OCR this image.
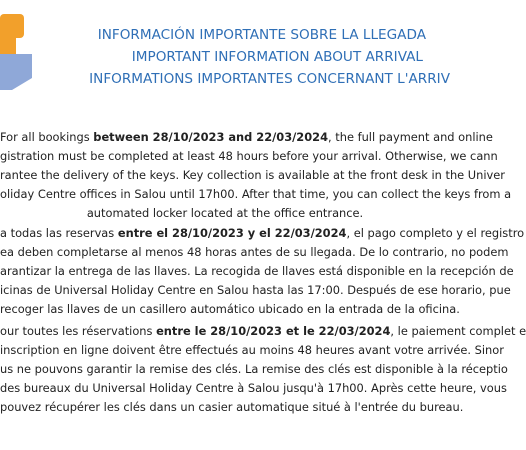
INFORMACIÓN IMPORTANTE SOBRE LA LLEGADA
IMPORTANT INFORMATION ABOUT ARRIVAL
INFORMATIONS IMPORTANTES CONCERNANT L'ARRIV
For all bookings between 28/10/2023 and 22/03/2024, the full payment and online
gistration must be completed at least 48 hours before your arrival. Otherwise, we cann
rantee the delivery of the keys. Key collection is available at the front desk in the Univer
oliday Centre offices in Salou until 17h00. After that time, you can collect the keys from a
automated locker located at the office entrance.
a todas las reservas entre el 28/10/2023 y el 22/03/2024, el pago completo y el registro
ea deben completarse al menos 48 horas antes de su llegada. De lo contrario, no podem
arantizar la entrega de las llaves. La recogida de llaves está disponible en la recepción de
icinas de Universal Holiday Centre en Salou hasta las 17:00. Después de ese horario, pue
recoger las llaves de un casillero automático ubicado en la entrada de la oficina.
our toutes les réservations entre le 28/10/2023 et le 22/03/2024, le paiement complet e
inscription en ligne doivent être effectués au moins 48 heures avant votre arrivée. Sinor
us ne pouvons garantir la remise des clés. La remise des clés est disponible à la réceptio
des bureaux du Universal Holiday Centre à Salou jusqu'à 17h00. Après cette heure, vous
pouvez récupérer les clés dans un casier automatique situé à l'entrée du bureau.
